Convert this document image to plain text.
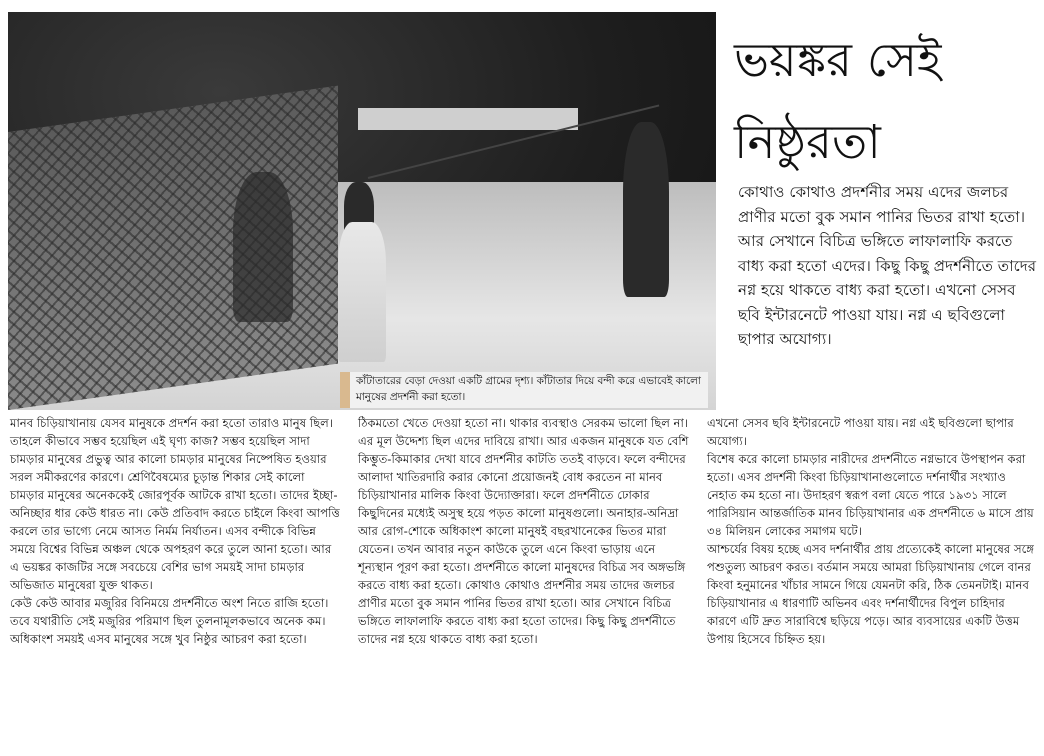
কাঁটাতারের বেড়া দেওয়া একটি গ্রামের দৃশ্য। কাঁটাতার দিয়ে বন্দী করে এভাবেই কালো মানুষের প্রদর্শনী করা হতো।
ভয়ঙ্কর সেই
নিষ্ঠুরতা
কোথাও কোথাও প্রদর্শনীর সময় এদের জলচর প্রাণীর মতো বুক সমান পানির ভিতর রাখা হতো। আর সেখানে বিচিত্র ভঙ্গিতে লাফালাফি করতে বাধ্য করা হতো এদের। কিছু কিছু প্রদর্শনীতে তাদের নগ্ন হয়ে থাকতে বাধ্য করা হতো। এখনো সেসব ছবি ইন্টারনেটে পাওয়া যায়। নগ্ন এ ছবিগুলো ছাপার অযোগ্য।

মানব চিড়িয়াখানায় যেসব মানুষকে প্রদর্শন করা হতো তারাও মানুষ ছিল। তাহলে কীভাবে সম্ভব হয়েছিল এই ঘৃণ্য কাজ? সম্ভব হয়েছিল সাদা চামড়ার মানুষের প্রভুত্ব আর কালো চামড়ার মানুষের নিষ্পেষিত হওয়ার সরল সমীকরণের কারণে। শ্রেণিবৈষম্যের চূড়ান্ত শিকার সেই কালো চামড়ার মানুষের অনেককেই জোরপূর্বক আটকে রাখা হতো। তাদের ইচ্ছা-অনিচ্ছার ধার কেউ ধারত না। কেউ প্রতিবাদ করতে চাইলে কিংবা আপত্তি করলে তার ভাগ্যে নেমে আসত নির্মম নির্যাতন। এসব বন্দীকে বিভিন্ন সময়ে বিশ্বের বিভিন্ন অঞ্চল থেকে অপহরণ করে তুলে আনা হতো। আর এ ভয়ঙ্কর কাজটির সঙ্গে সবচেয়ে বেশির ভাগ সময়ই সাদা চামড়ার অভিজাত মানুষেরা যুক্ত থাকত।

কেউ কেউ আবার মজুরির বিনিময়ে প্রদর্শনীতে অংশ নিতে রাজি হতো। তবে যথারীতি সেই মজুরির পরিমাণ ছিল তুলনামূলকভাবে অনেক কম। অধিকাংশ সময়ই এসব মানুষের সঙ্গে খুব নিষ্ঠুর আচরণ করা হতো।

ঠিকমতো খেতে দেওয়া হতো না। থাকার ব্যবস্থাও সেরকম ভালো ছিল না। এর মূল উদ্দেশ্য ছিল এদের দাবিয়ে রাখা। আর একজন মানুষকে যত বেশি কিম্ভুত-কিমাকার দেখা যাবে প্রদর্শনীর কাটতি ততই বাড়বে। ফলে বন্দীদের আলাদা খাতিরদারি করার কোনো প্রয়োজনই বোধ করতেন না মানব চিড়িয়াখানার মালিক কিংবা উদ্যোক্তারা। ফলে প্রদর্শনীতে ঢোকার কিছুদিনের মধ্যেই অসুস্থ হয়ে পড়ত কালো মানুষগুলো। অনাহার-অনিদ্রা আর রোগ-শোকে অধিকাংশ কালো মানুষই বছরখানেকের ভিতর মারা যেতেন। তখন আবার নতুন কাউকে তুলে এনে কিংবা ভাড়ায় এনে শূন্যস্থান পূরণ করা হতো। প্রদর্শনীতে কালো মানুষদের বিচিত্র সব অঙ্গভঙ্গি করতে বাধ্য করা হতো। কোথাও কোথাও প্রদর্শনীর সময় তাদের জলচর প্রাণীর মতো বুক সমান পানির ভিতর রাখা হতো। আর সেখানে বিচিত্র ভঙ্গিতে লাফালাফি করতে বাধ্য করা হতো তাদের। কিছু কিছু প্রদর্শনীতে তাদের নগ্ন হয়ে থাকতে বাধ্য করা হতো।

এখনো সেসব ছবি ইন্টারনেটে পাওয়া যায়। নগ্ন এই ছবিগুলো ছাপার অযোগ্য।

বিশেষ করে কালো চামড়ার নারীদের প্রদর্শনীতে নগ্নভাবে উপস্থাপন করা হতো। এসব প্রদর্শনী কিংবা চিড়িয়াখানাগুলোতে দর্শনার্থীর সংখ্যাও নেহাত কম হতো না। উদাহরণ স্বরূপ বলা যেতে পারে ১৯৩১ সালে পারিসিয়ান আন্তর্জাতিক মানব চিড়িয়াখানার এক প্রদর্শনীতে ৬ মাসে প্রায় ৩৪ মিলিয়ন লোকের সমাগম ঘটে।

আশ্চর্যের বিষয় হচ্ছে এসব দর্শনার্থীর প্রায় প্রত্যেকেই কালো মানুষের সঙ্গে পশুতুল্য আচরণ করত। বর্তমান সময়ে আমরা চিড়িয়াখানায় গেলে বানর কিংবা হনুমানের খাঁচার সামনে গিয়ে যেমনটা করি, ঠিক তেমনটাই। মানব চিড়িয়াখানার এ ধারণাটি অভিনব এবং দর্শনার্থীদের বিপুল চাহিদার কারণে এটি দ্রুত সারাবিশ্বে ছড়িয়ে পড়ে। আর ব্যবসায়ের একটি উত্তম উপায় হিসেবে চিহ্নিত হয়।
